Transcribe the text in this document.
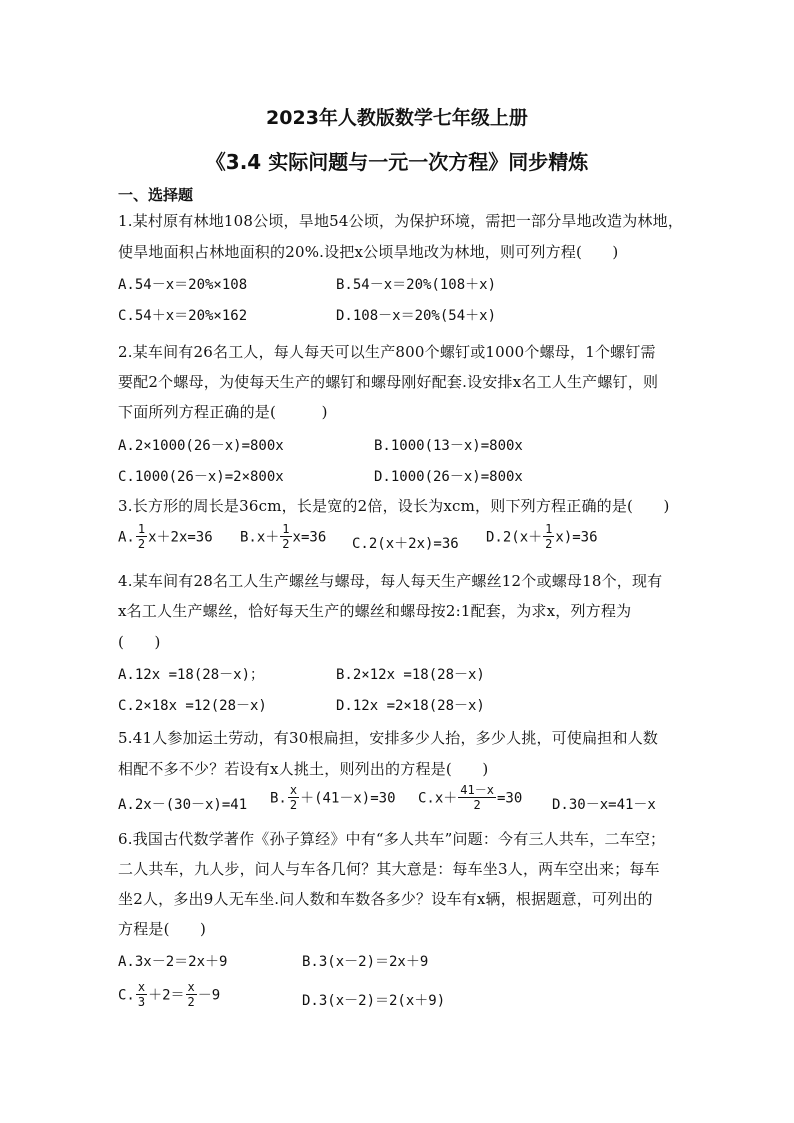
2023年人教版数学七年级上册
《3.4 实际问题与一元一次方程》同步精炼
一、选择题
1.某村原有林地108公顷，旱地54公顷，为保护环境，需把一部分旱地改造为林地，
使旱地面积占林地面积的20%.设把x公顷旱地改为林地，则可列方程(　　)
A.54－x＝20%×108	B.54－x＝20%(108＋x)
C.54＋x＝20%×162	D.108－x＝20%(54＋x)
2.某车间有26名工人，每人每天可以生产800个螺钉或1000个螺母，1个螺钉需
要配2个螺母，为使每天生产的螺钉和螺母刚好配套.设安排x名工人生产螺钉，则
下面所列方程正确的是(　　　)
A.2×1000(26－x)=800x	B.1000(13－x)=800x
C.1000(26－x)=2×800x	D.1000(26－x)=800x
3.长方形的周长是36cm，长是宽的2倍，设长为xcm，则下列方程正确的是(　　)
A. $\frac{1}{2} x+2x=36$ $B.x+ \frac{1}{2} x=36$ C.2(x＋2x)=36 $D.2(x+ \frac{1}{2} x)=36$
4.某车间有28名工人生产螺丝与螺母，每人每天生产螺丝12个或螺母18个，现有
x名工人生产螺丝，恰好每天生产的螺丝和螺母按2:1配套，为求x，列方程为
(　　)
A.12x =18(28－x)；	B.2×12x =18(28－x)
C.2×18x =12(28－x)	D.12x =2×18(28－x)
5.41人参加运土劳动，有30根扁担，安排多少人抬，多少人挑，可使扁担和人数
相配不多不少？若设有x人挑土，则列出的方程是(　　)
A.2x－(30－x)=41 B. $\frac{x}{2} +(41-x)=30$ $C.x+ \frac{41-x}{2} =30$ D.30－x=41－x
6.我国古代数学著作《孙子算经》中有“多人共车”问题：今有三人共车，二车空；
二人共车，九人步，问人与车各几何？其大意是：每车坐3人，两车空出来；每车
坐2人，多出9人无车坐.问人数和车数各多少？设车有x辆，根据题意，可列出的
方程是(　　)
A.3x－2＝2x＋9	B.3(x－2)＝2x＋9
C. $\frac{x}{3} +2= \frac{x}{2} -9$	D.3(x－2)＝2(x＋9)
